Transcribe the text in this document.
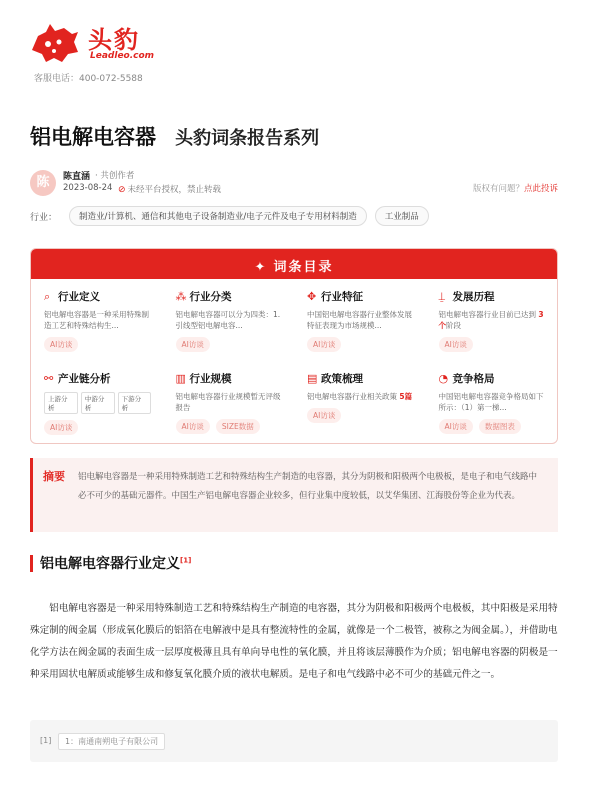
头豹
Leadleo.com
客服电话：400-072-5588
铝电解电容器 头豹词条报告系列
陈	陈直涵 · 共创作者
2023-08-24 ⊘ 未经平台授权，禁止转载	版权有问题？点此投诉
行业：	制造业/计算机、通信和其他电子设备制造业/电子元件及电子专用材料制造	工业制品
✦ 词条目录
⌕ 行业定义
铝电解电容器是一种采用特殊制造工艺和特殊结构生...
AI访谈
⁂ 行业分类
铝电解电容器可以分为四类：1.引线型铝电解电容...
AI访谈
✥ 行业特征
中国铝电解电容器行业整体发展特征表现为市场规模...
AI访谈
⍊ 发展历程
铝电解电容器行业目前已达到 3个阶段
AI访谈
⚯ 产业链分析
上游分析
中游分析
下游分析
AI访谈
▥ 行业规模
铝电解电容器行业规模暂无评级报告
AI访谈	SIZE数据
▤ 政策梳理
铝电解电容器行业相关政策 5篇
AI访谈
◔ 竞争格局
中国铝电解电容器竞争格局如下所示：（1）第一梯...
AI访谈	数据图表
摘要 铝电解电容器是一种采用特殊制造工艺和特殊结构生产制造的电容器，其分为阴极和阳极两个电极板，是电子和电气线路中必不可少的基础元器件。中国生产铝电解电容器企业较多，但行业集中度较低，以艾华集团、江海股份等企业为代表。
铝电解电容器行业定义[1]
铝电解电容器是一种采用特殊制造工艺和特殊结构生产制造的电容器，其分为阴极和阳极两个电极板，其中阳极是采用特殊定制的阀金属（形成氧化膜后的铝箔在电解液中是具有整流特性的金属，就像是一个二极管，被称之为阀金属。），并借助电化学方法在阀金属的表面生成一层厚度极薄且具有单向导电性的氧化膜，并且将该层薄膜作为介质；铝电解电容器的阴极是一种采用固状电解质或能够生成和修复氧化膜介质的液状电解质。是电子和电气线路中必不可少的基础元件之一。
[1]	1：南通南朔电子有限公司
